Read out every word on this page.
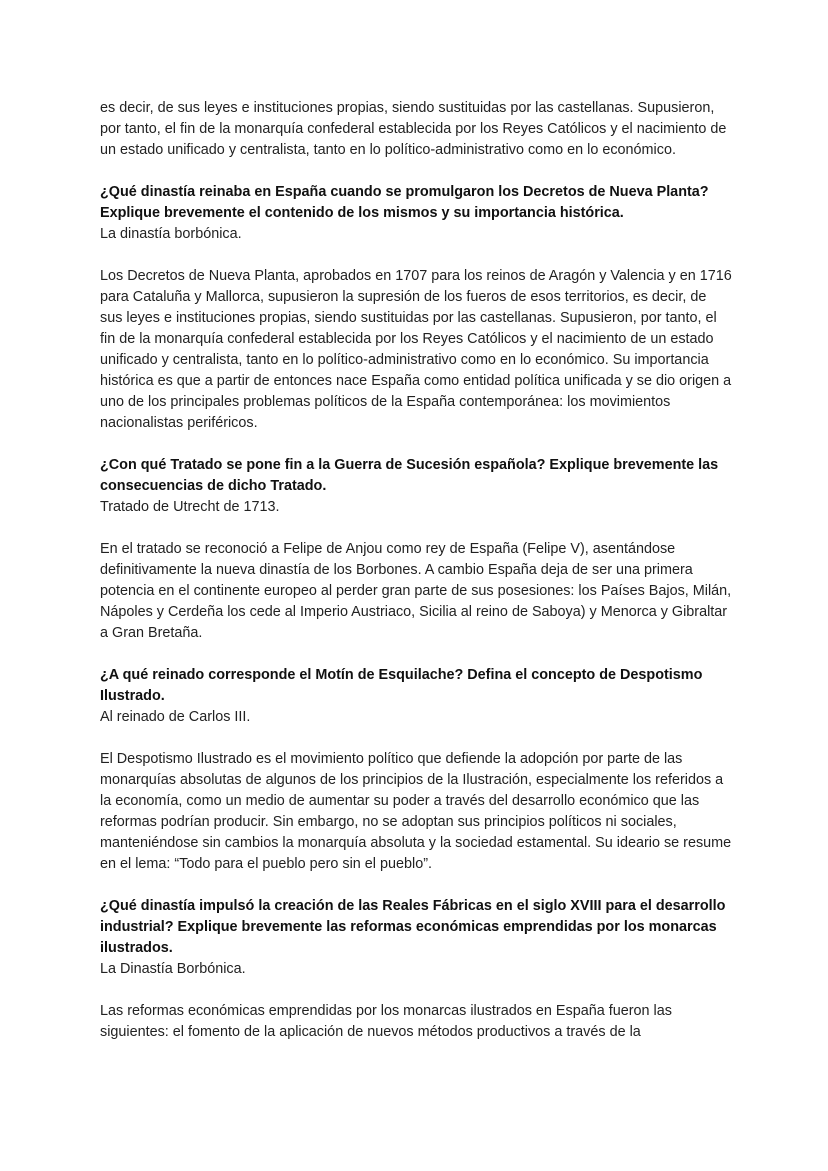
es decir, de sus leyes e instituciones propias, siendo sustituidas por las castellanas. Supusieron, por tanto, el fin de la monarquía confederal establecida por los Reyes Católicos y el nacimiento de un estado unificado y centralista, tanto en lo político-administrativo como en lo económico.

¿Qué dinastía reinaba en España cuando se promulgaron los Decretos de Nueva Planta? Explique brevemente el contenido de los mismos y su importancia histórica.

La dinastía borbónica.

Los Decretos de Nueva Planta, aprobados en 1707 para los reinos de Aragón y Valencia y en 1716 para Cataluña y Mallorca, supusieron la supresión de los fueros de esos territorios, es decir, de sus leyes e instituciones propias, siendo sustituidas por las castellanas. Supusieron, por tanto, el fin de la monarquía confederal establecida por los Reyes Católicos y el nacimiento de un estado unificado y centralista, tanto en lo político-administrativo como en lo económico. Su importancia histórica es que a partir de entonces nace España como entidad política unificada y se dio origen a uno de los principales problemas políticos de la España contemporánea: los movimientos nacionalistas periféricos.

¿Con qué Tratado se pone fin a la Guerra de Sucesión española? Explique brevemente las consecuencias de dicho Tratado.

Tratado de Utrecht de 1713.

En el tratado se reconoció a Felipe de Anjou como rey de España (Felipe V), asentándose definitivamente la nueva dinastía de los Borbones. A cambio España deja de ser una primera potencia en el continente europeo al perder gran parte de sus posesiones: los Países Bajos, Milán, Nápoles y Cerdeña los cede al Imperio Austriaco, Sicilia al reino de Saboya) y Menorca y Gibraltar a Gran Bretaña.

¿A qué reinado corresponde el Motín de Esquilache? Defina el concepto de Despotismo Ilustrado.

Al reinado de Carlos III.

El Despotismo Ilustrado es el movimiento político que defiende la adopción por parte de las monarquías absolutas de algunos de los principios de la Ilustración, especialmente los referidos a la economía, como un medio de aumentar su poder a través del desarrollo económico que las reformas podrían producir. Sin embargo, no se adoptan sus principios políticos ni sociales, manteniéndose sin cambios la monarquía absoluta y la sociedad estamental. Su ideario se resume en el lema: “Todo para el pueblo pero sin el pueblo”.

¿Qué dinastía impulsó la creación de las Reales Fábricas en el siglo XVIII para el desarrollo industrial? Explique brevemente las reformas económicas emprendidas por los monarcas ilustrados.

La Dinastía Borbónica.

Las reformas económicas emprendidas por los monarcas ilustrados en España fueron las siguientes: el fomento de la aplicación de nuevos métodos productivos a través de la
